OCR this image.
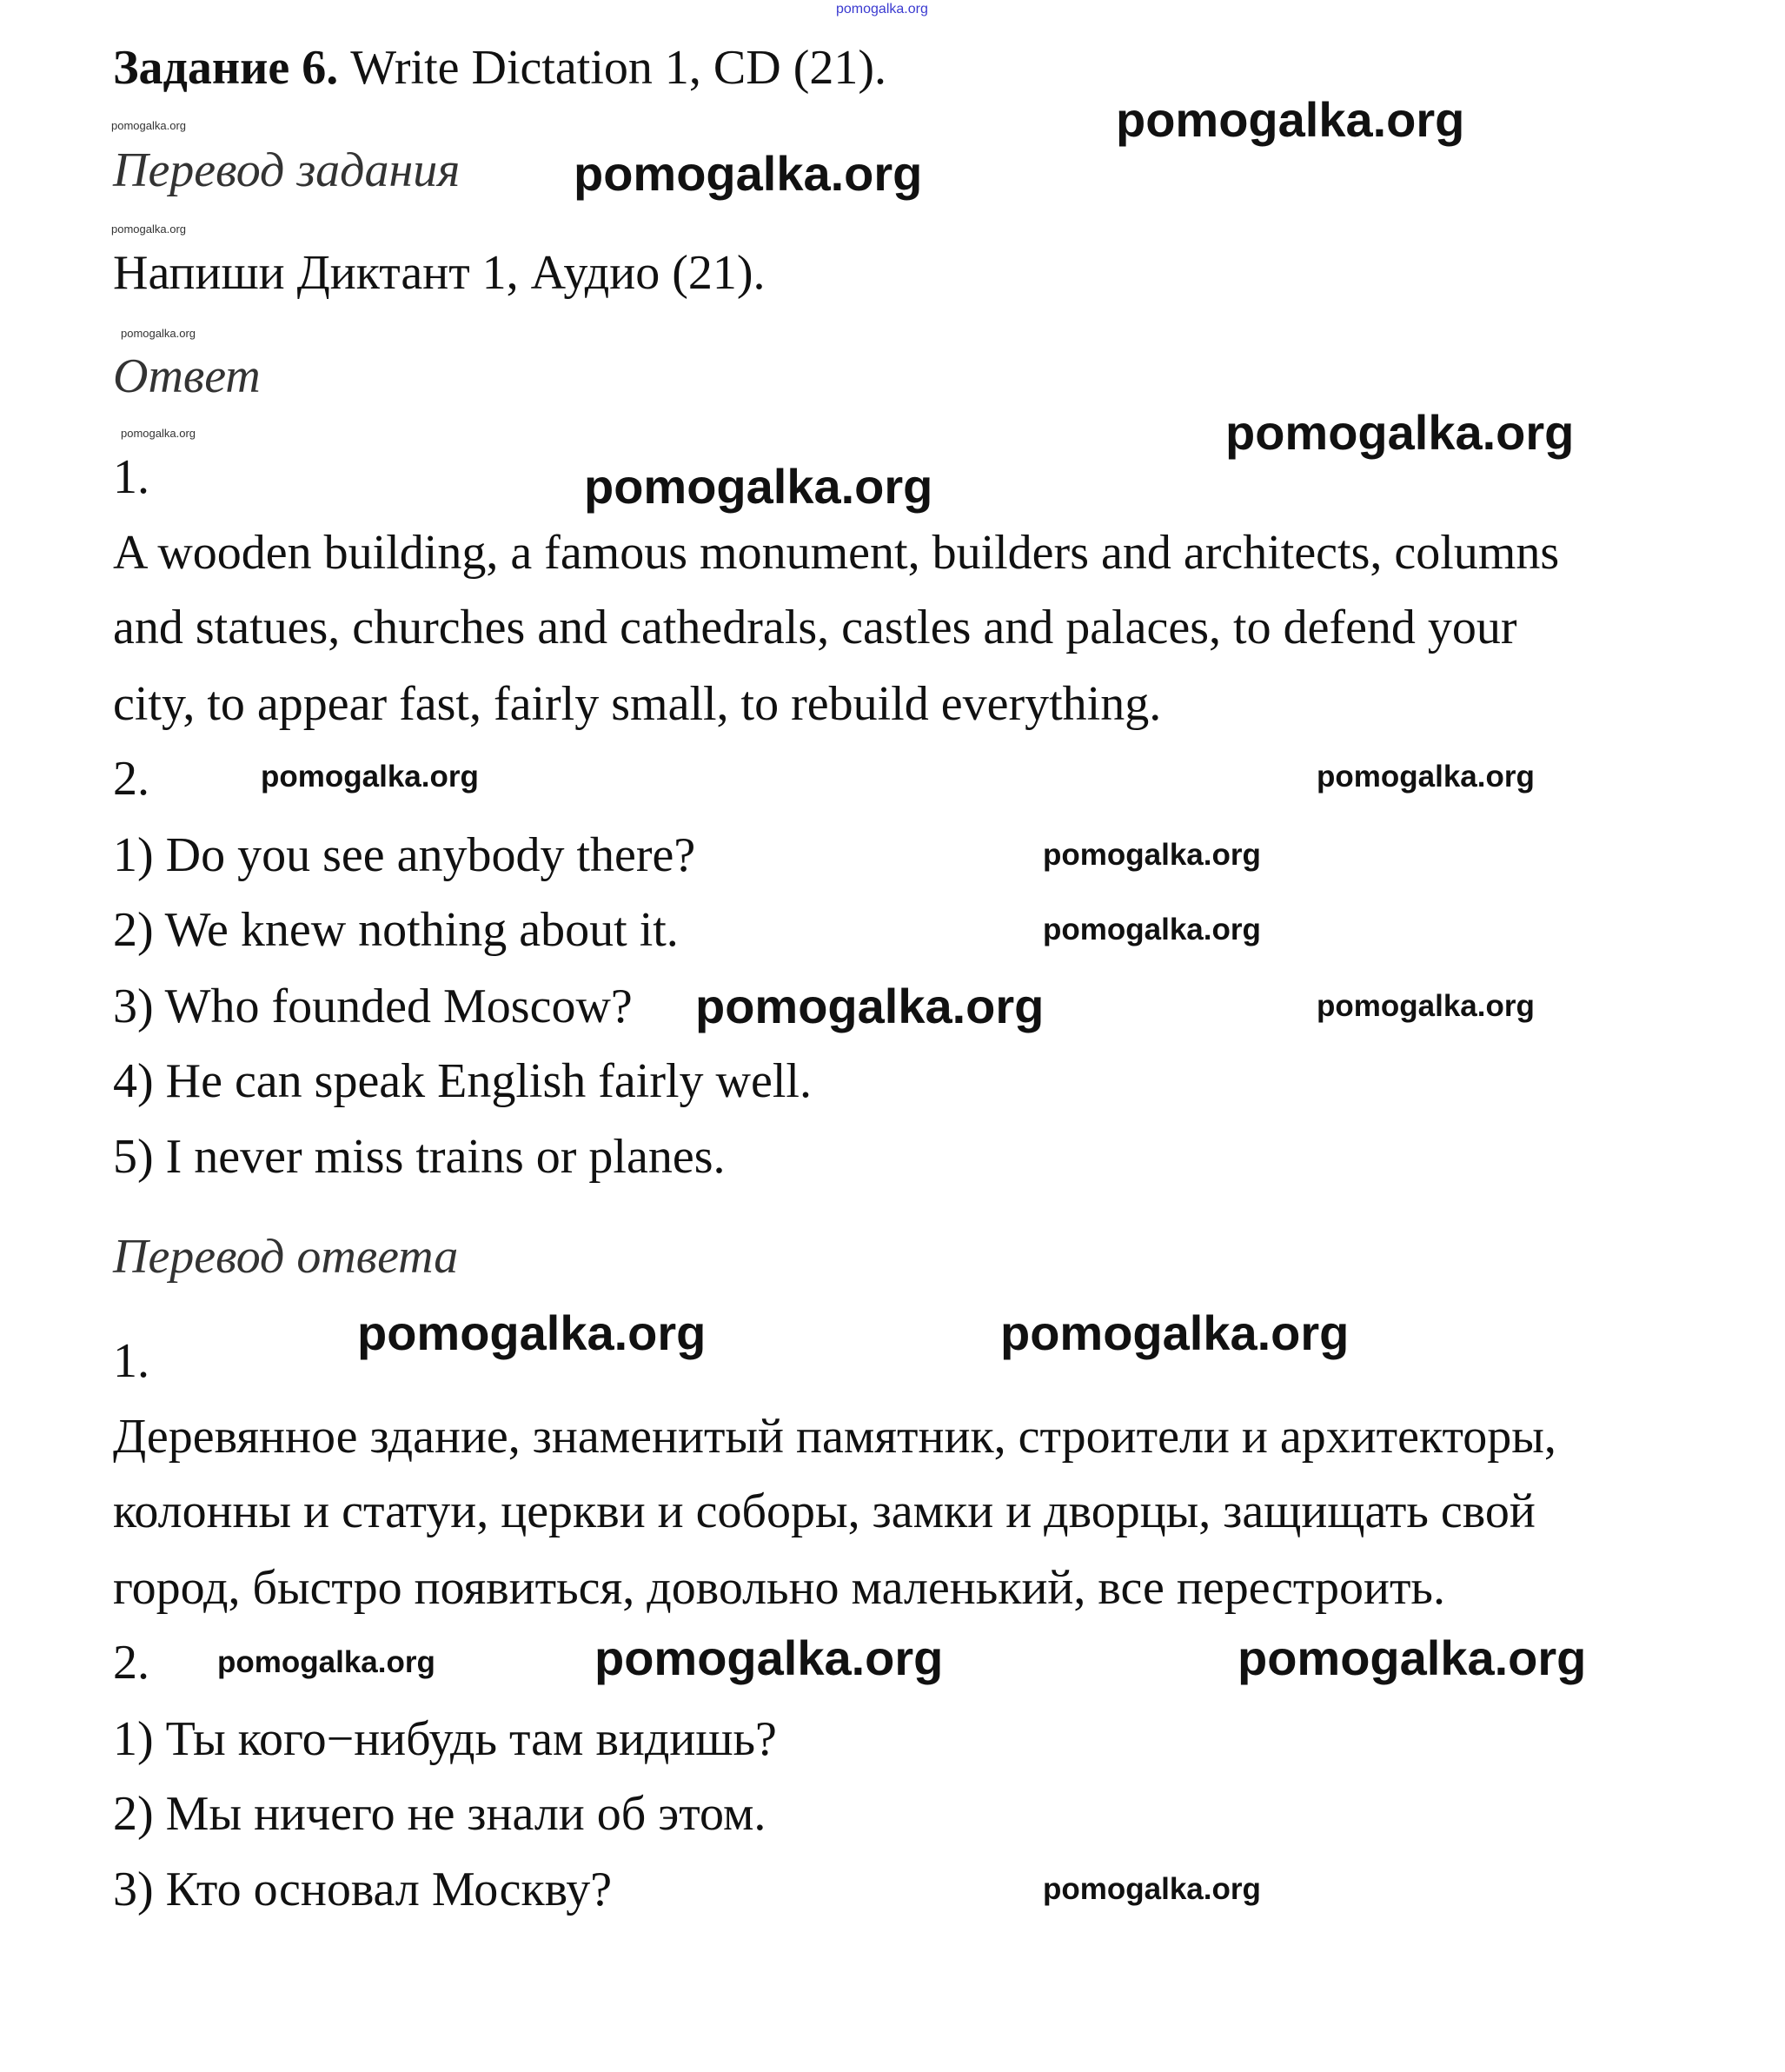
pomogalka.org
Задание 6. Write Dictation 1, CD (21).
Перевод задания
Напиши Диктант 1, Аудио (21).
Ответ
1.
A wooden building, a famous monument, builders and architects, columns
and statues, churches and cathedrals, castles and palaces, to defend your
city, to appear fast, fairly small, to rebuild everything.
2.
1) Do you see anybody there?
2) We knew nothing about it.
3) Who founded Moscow?
4) He can speak English fairly well.
5) I never miss trains or planes.
Перевод ответа
1.
Деревянное здание, знаменитый памятник, строители и архитекторы,
колонны и статуи, церкви и соборы, замки и дворцы, защищать свой
город, быстро появиться, довольно маленький, все перестроить.
2.
1) Ты кого−нибудь там видишь?
2) Мы ничего не знали об этом.
3) Кто основал Москву?
pomogalka.org
pomogalka.org
pomogalka.org
pomogalka.org
pomogalka.org
pomogalka.org
pomogalka.org
pomogalka.org
pomogalka.org
pomogalka.org	pomogalka.org
pomogalka.org	pomogalka.org
pomogalka.org
pomogalka.org
pomogalka.org
pomogalka.org
pomogalka.org
pomogalka.org
pomogalka.org
